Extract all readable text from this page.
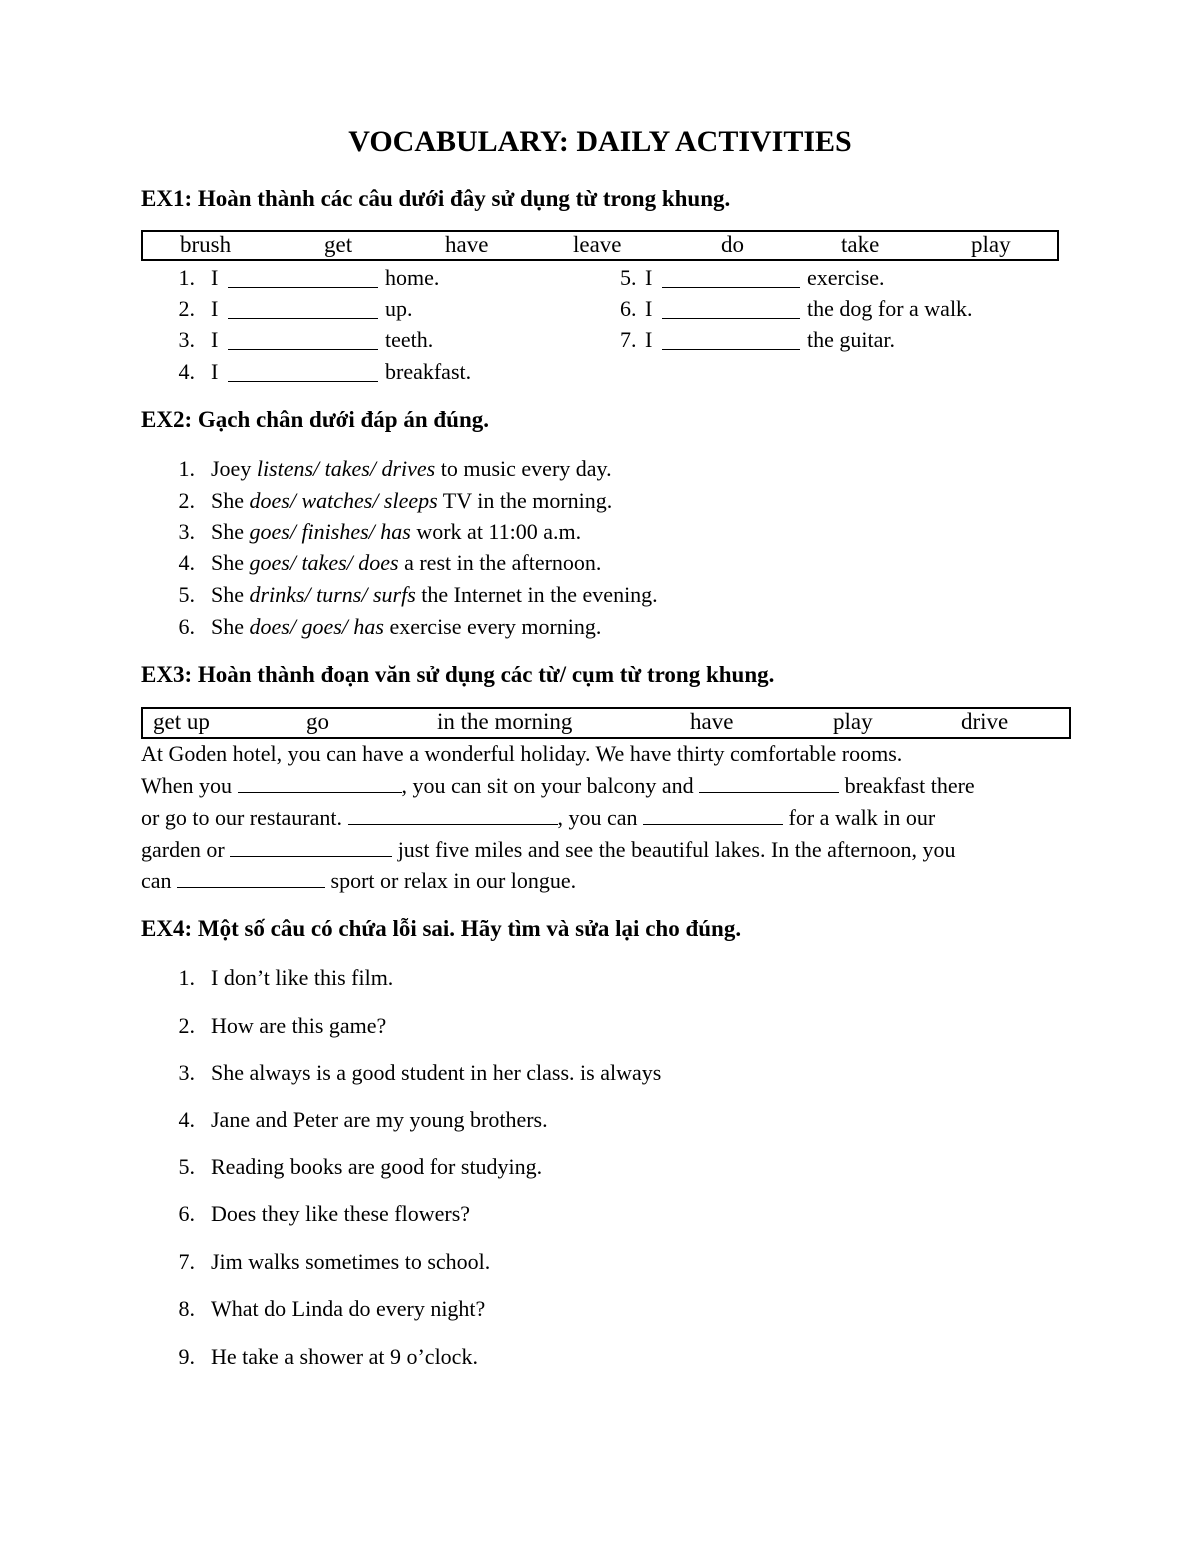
VOCABULARY: DAILY ACTIVITIES
EX1: Hoàn thành các câu dưới đây sử dụng từ trong khung.
brush	get	have	leave	do	take	play
1. I	home.
2. I	up.
3. I	teeth.
4. I	breakfast.
5. I	exercise.
6. I	the dog for a walk.
7. I	the guitar.
EX2: Gạch chân dưới đáp án đúng.
1. Joey listens/ takes/ drives to music every day.
2. She does/ watches/ sleeps TV in the morning.
3. She goes/ finishes/ has work at 11:00 a.m.
4. She goes/ takes/ does a rest in the afternoon.
5. She drinks/ turns/ surfs the Internet in the evening.
6. She does/ goes/ has exercise every morning.
EX3: Hoàn thành đoạn văn sử dụng các từ/ cụm từ trong khung.
get up	go	in the morning	have	play	drive
At Goden hotel, you can have a wonderful holiday. We have thirty comfortable rooms.
When you	, you can sit on your balcony and	breakfast there
or go to our restaurant.	, you can	for a walk in our
garden or	just five miles and see the beautiful lakes. In the afternoon, you
can	sport or relax in our longue.
EX4: Một số câu có chứa lỗi sai. Hãy tìm và sửa lại cho đúng.
1. I don’t like this film.
2. How are this game?
3. She always is a good student in her class. is always
4. Jane and Peter are my young brothers.
5. Reading books are good for studying.
6. Does they like these flowers?
7. Jim walks sometimes to school.
8. What do Linda do every night?
9. He take a shower at 9 o’clock.
